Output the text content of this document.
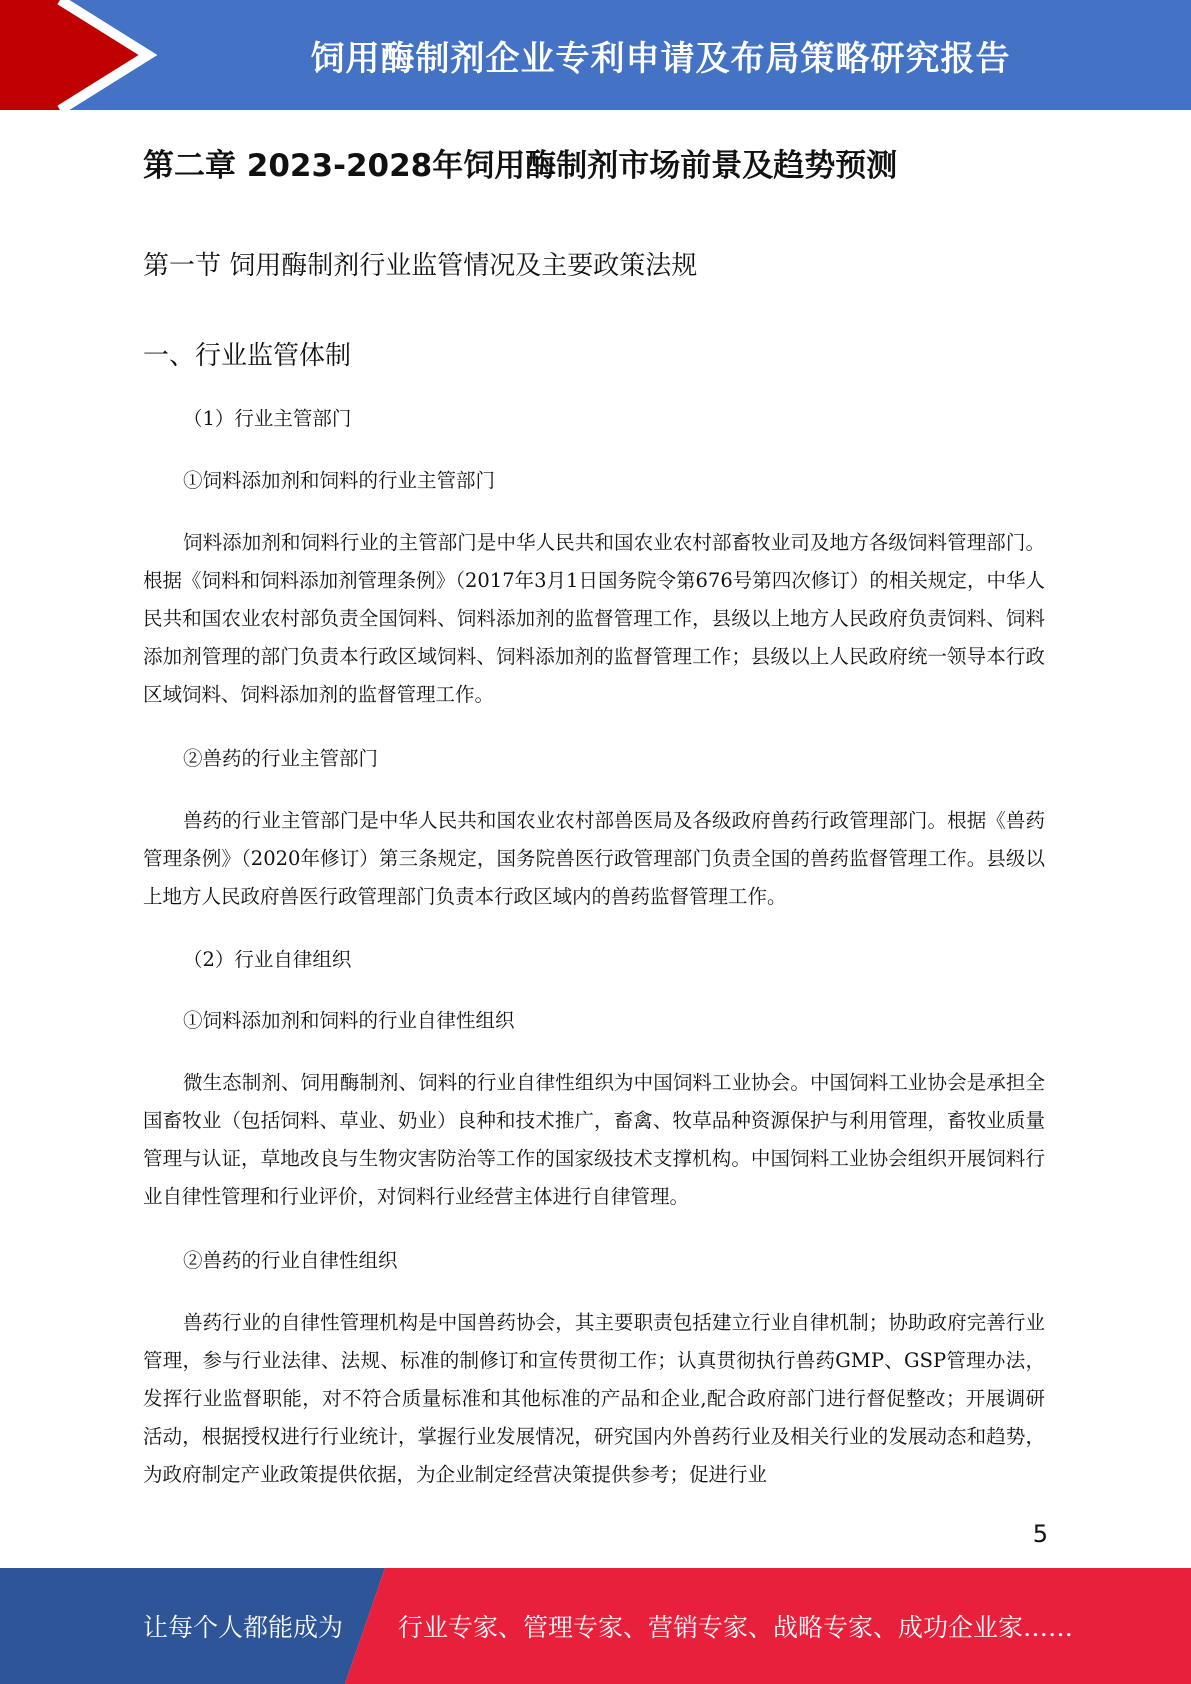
饲用酶制剂企业专利申请及布局策略研究报告
第二章 2023-2028年饲用酶制剂市场前景及趋势预测
第一节 饲用酶制剂行业监管情况及主要政策法规
一、行业监管体制

（1）行业主管部门

①饲料添加剂和饲料的行业主管部门

饲料添加剂和饲料行业的主管部门是中华人民共和国农业农村部畜牧业司及地方各级饲料管理部门。根据《饲料和饲料添加剂管理条例》（2017年3月1日国务院令第676号第四次修订）的相关规定，中华人民共和国农业农村部负责全国饲料、饲料添加剂的监督管理工作，县级以上地方人民政府负责饲料、饲料添加剂管理的部门负责本行政区域饲料、饲料添加剂的监督管理工作；县级以上人民政府统一领导本行政区域饲料、饲料添加剂的监督管理工作。

②兽药的行业主管部门

兽药的行业主管部门是中华人民共和国农业农村部兽医局及各级政府兽药行政管理部门。根据《兽药管理条例》（2020年修订）第三条规定，国务院兽医行政管理部门负责全国的兽药监督管理工作。县级以上地方人民政府兽医行政管理部门负责本行政区域内的兽药监督管理工作。

（2）行业自律组织

①饲料添加剂和饲料的行业自律性组织

微生态制剂、饲用酶制剂、饲料的行业自律性组织为中国饲料工业协会。中国饲料工业协会是承担全国畜牧业（包括饲料、草业、奶业）良种和技术推广，畜禽、牧草品种资源保护与利用管理，畜牧业质量管理与认证，草地改良与生物灾害防治等工作的国家级技术支撑机构。中国饲料工业协会组织开展饲料行业自律性管理和行业评价，对饲料行业经营主体进行自律管理。

②兽药的行业自律性组织

兽药行业的自律性管理机构是中国兽药协会，其主要职责包括建立行业自律机制；协助政府完善行业管理，参与行业法律、法规、标准的制修订和宣传贯彻工作；认真贯彻执行兽药GMP、GSP管理办法，发挥行业监督职能，对不符合质量标准和其他标准的产品和企业,配合政府部门进行督促整改；开展调研活动，根据授权进行行业统计，掌握行业发展情况，研究国内外兽药行业及相关行业的发展动态和趋势，为政府制定产业政策提供依据，为企业制定经营决策提供参考；促进行业

5
让每个人都能成为 行业专家、管理专家、营销专家、战略专家、成功企业家……
